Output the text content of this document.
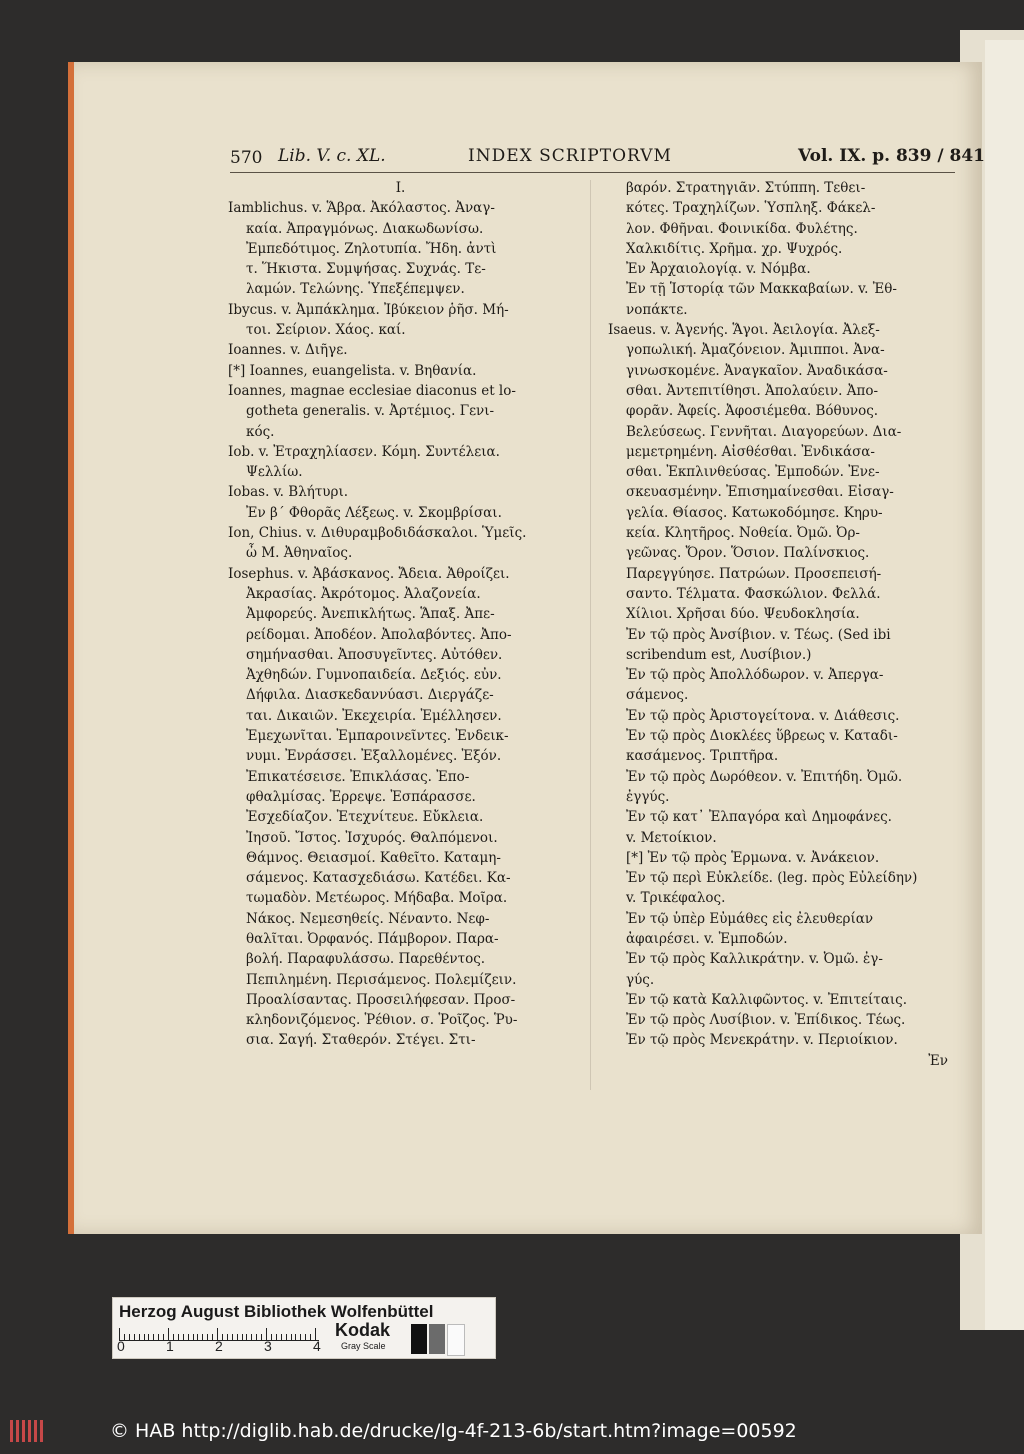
570 Lib. V. c. XL.	INDEX SCRIPTORVM	Vol. IX. p. 839 / 841
I.
Iamblichus. v. Ἅβρα. Ἀκόλαστος. Ἀναγ-
καία. Ἀπραγμόνως. Διακωδωνίσω.
Ἐμπεδότιμος. Ζηλοτυπία. Ἤδη. ἀντὶ
τ. Ἥκιστα. Συμψήσας. Συχνάς. Τε-
λαμών. Τελώνης. Ὑπεξέπεμψεν.
Ibycus. v. Ἀμπάκλημα. Ἰβύκειον ῥῆσ. Μή-
τοι. Σείριον. Χάος. καί.
Ioannes. v. Διῆγε.
[*] Ioannes, euangelista. v. Βηθανία.
Ioannes, magnae ecclesiae diaconus et lo-
gotheta generalis. v. Ἀρτέμιος. Γενι-
κός.
Iob. v. Ἐτραχηλίασεν. Κόμη. Συντέλεια.
Ψελλίω.
Iobas. v. Βλήτυρι.
Ἐν β΄ Φθορᾶς Λέξεως. v. Σκομβρίσαι.
Ion, Chius. v. Διθυραμβοδιδάσκαλοι. Ὑμεῖς.
ὦ M. Ἀθηναῖος.
Iosephus. v. Ἀβάσκανος. Ἄδεια. Ἀθροίζει.
Ἀκρασίας. Ἀκρότομος. Ἀλαζονεία.
Ἀμφορεύς. Ἀνεπικλήτως. Ἅπαξ. Ἀπε-
ρείδομαι. Ἀποδέον. Ἀπολαβόντες. Ἀπο-
σημήνασθαι. Ἀποσυγεῖντες. Αὐτόθεν.
Ἀχθηδών. Γυμνοπαιδεία. Δεξιός. εὐν.
Δήφιλα. Διασκεδαννύασι. Διεργάζε-
ται. Δικαιῶν. Ἐκεχειρία. Ἐμέλλησεν.
Ἐμεχωνῖται. Ἐμπαροινεῖντες. Ἐνδεικ-
νυμι. Ἐνράσσει. Ἐξαλλομένες. Ἐξόν.
Ἐπικατέσεισε. Ἐπικλάσας. Ἐπο-
φθαλμίσας. Ἐρρεψε. Ἐσπάρασσε.
Ἐσχεδίαζον. Ἐτεχνίτευε. Εὔκλεια.
Ἰησοῦ. Ἴστος. Ἰσχυρός. Θαλπόμενοι.
Θάμνος. Θειασμοί. Καθεῖτο. Καταμη-
σάμενος. Κατασχεδιάσω. Κατέδει. Κα-
τωμαδὸν. Μετέωρος. Μήδαβα. Μοῖρα.
Νάκος. Νεμεσηθείς. Νέναντο. Νεφ-
θαλῖται. Ὀρφανός. Πάμβορον. Παρα-
βολή. Παραφυλάσσω. Παρεθέντος.
Πεπιλημένη. Περισάμενος. Πολεμίζειν.
Προαλίσαντας. Προσειλήφεσαν. Προσ-
κληδονιζόμενος. Ῥέθιον. σ. Ῥοῖζος. Ῥυ-
σια. Σαγή. Σταθερόν. Στέγει. Στι-
βαρόν. Στρατηγιᾶν. Στύππη. Τεθει-
κότες. Τραχηλίζων. Ὑσπληξ. Φάκελ-
λον. Φθῆναι. Φοινικίδα. Φυλέτης.
Χαλκιδίτις. Χρῆμα. χρ. Ψυχρός.
Ἐν Ἀρχαιολογίᾳ. v. Νόμβα.
Ἐν τῇ Ἱστορίᾳ τῶν Μακκαβαίων. v. Ἐθ-
νοπάκτε.
Isaeus. v. Ἀγενής. Ἅγοι. Ἀειλογία. Ἀλεξ-
γοπωλική. Ἀμαζόνειον. Ἀμιπποι. Ἀνα-
γινωσκομένε. Ἀναγκαῖον. Ἀναδικάσα-
σθαι. Ἀντεπιτίθησι. Ἀπολαύειν. Ἀπο-
φορᾶν. Ἀφείς. Ἀφοσιέμεθα. Βόθυνος.
Βελεύσεως. Γεννῆται. Διαγορεύων. Δια-
μεμετρημένη. Αἰσθέσθαι. Ἐνδικάσα-
σθαι. Ἐκπλινθεύσας. Ἐμποδών. Ἐνε-
σκευασμένην. Ἐπισημαίνεσθαι. Εἰσαγ-
γελία. Θίασος. Κατωκοδόμησε. Κηρυ-
κεία. Κλητῆρος. Νοθεία. Ὀμῶ. Ὀρ-
γεῶνας. Ὄρον. Ὅσιον. Παλίνσκιος.
Παρεγγύησε. Πατρώων. Προσεπεισή-
σαντο. Τέλματα. Φασκώλιον. Φελλά.
Χίλιοι. Χρῆσαι δύο. Ψευδοκλησία.
Ἐν τῷ πρὸς Ἀνσίβιον. v. Τέως. (Sed ibi
scribendum est, Λυσίβιον.)
Ἐν τῷ πρὸς Ἀπολλόδωρον. v. Ἀπεργα-
σάμενος.
Ἐν τῷ πρὸς Ἀριστογείτονα. v. Διάθεσις.
Ἐν τῷ πρὸς Διοκλέες ὕβρεως v. Καταδι-
κασάμενος. Τριπτῆρα.
Ἐν τῷ πρὸς Δωρόθεον. v. Ἐπιτήδη. Ὀμῶ.
ἐγγύς.
Ἐν τῷ κατ᾽ Ἐλπαγόρα καὶ Δημοφάνες.
v. Μετοίκιον.
[*] Ἐν τῷ πρὸς Ἑρμωνα. v. Ἀνάκειον.
Ἐν τῷ περὶ Εὐκλείδε. (leg. πρὸς Εὐλείδην)
v. Τρικέφαλος.
Ἐν τῷ ὑπὲρ Εὐμάθες εἰς ἐλευθερίαν
ἀφαιρέσει. v. Ἐμποδών.
Ἐν τῷ πρὸς Καλλικράτην. v. Ὀμῶ. ἐγ-
γύς.
Ἐν τῷ κατὰ Καλλιφῶντος. v. Ἐπιτείταις.
Ἐν τῷ πρὸς Λυσίβιον. v. Ἐπίδικος. Τέως.
Ἐν τῷ πρὸς Μενεκράτην. v. Περιοίκιον.
Ἐν
Herzog August Bibliothek Wolfenbüttel
0	1	2	3	4
Kodak
Gray Scale
© HAB http://diglib.hab.de/drucke/lg-4f-213-6b/start.htm?image=00592
